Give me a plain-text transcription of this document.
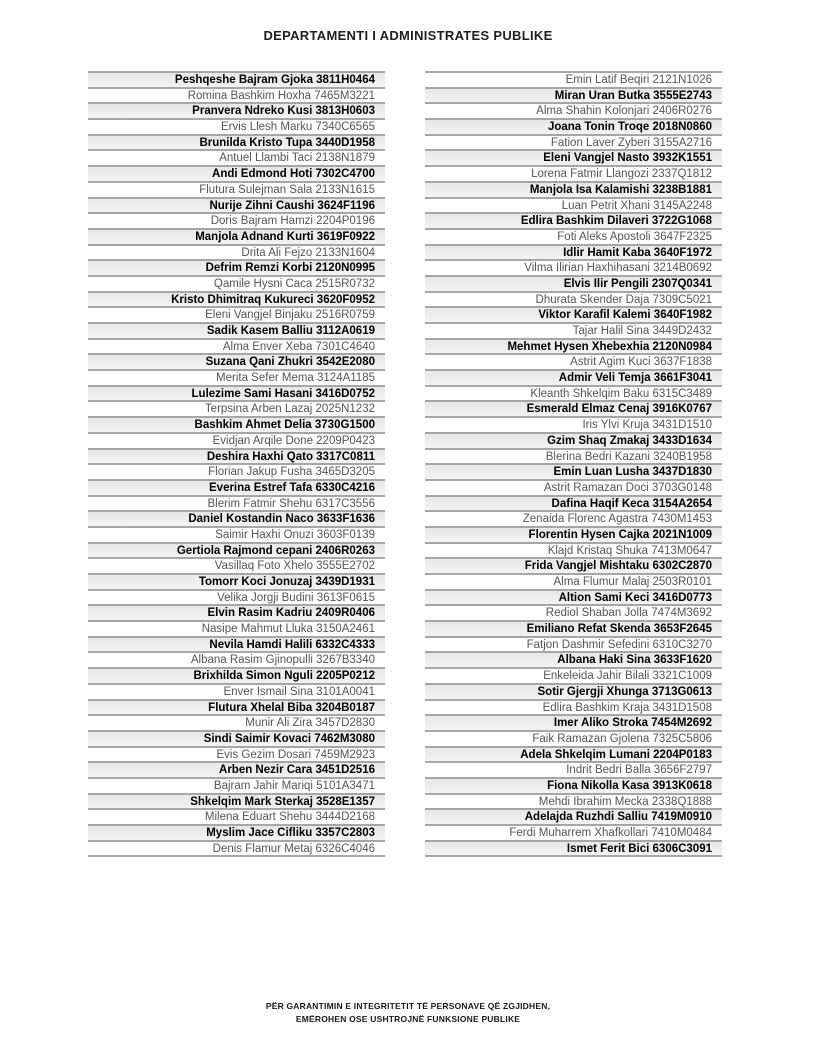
DEPARTAMENTI I ADMINISTRATES PUBLIKE
Peshqeshe Bajram Gjoka 3811H0464
Romina Bashkim Hoxha 7465M3221
Pranvera Ndreko Kusi 3813H0603
Ervis Llesh Marku 7340C6565
Brunilda Kristo Tupa 3440D1958
Antuel Llambi Taci 2138N1879
Andi Edmond Hoti 7302C4700
Flutura Sulejman Sala 2133N1615
Nurije Zihni Caushi 3624F1196
Doris Bajram Hamzi 2204P0196
Manjola Adnand Kurti 3619F0922
Drita Ali Fejzo 2133N1604
Defrim Remzi Korbi 2120N0995
Qamile Hysni Caca 2515R0732
Kristo Dhimitraq Kukureci 3620F0952
Eleni Vangjel Binjaku 2516R0759
Sadik Kasem Balliu 3112A0619
Alma Enver Xeba 7301C4640
Suzana Qani Zhukri 3542E2080
Merita Sefer Mema 3124A1185
Lulezime Sami Hasani 3416D0752
Terpsina Arben Lazaj 2025N1232
Bashkim Ahmet Delia 3730G1500
Evidjan Arqile Done 2209P0423
Deshira Haxhi Qato 3317C0811
Florian Jakup Fusha 3465D3205
Everina Estref Tafa 6330C4216
Blerim Fatmir Shehu 6317C3556
Daniel Kostandin Naco 3633F1636
Saimir Haxhi Onuzi 3603F0139
Gertiola Rajmond cepani 2406R0263
Vasillaq Foto Xhelo 3555E2702
Tomorr Koci Jonuzaj 3439D1931
Velika Jorgji Budini 3613F0615
Elvin Rasim Kadriu 2409R0406
Nasipe Mahmut Lluka 3150A2461
Nevila Hamdi Halili 6332C4333
Albana Rasim Gjinopulli 3267B3340
Brixhilda Simon Nguli 2205P0212
Enver Ismail Sina 3101A0041
Flutura Xhelal Biba 3204B0187
Munir Ali Zira 3457D2830
Sindi Saimir Kovaci 7462M3080
Evis Gezim Dosari 7459M2923
Arben Nezir Cara 3451D2516
Bajram Jahir Mariqi 5101A3471
Shkelqim Mark Sterkaj 3528E1357
Milena Eduart Shehu 3444D2168
Myslim Jace Cifliku 3357C2803
Denis Flamur Metaj 6326C4046
Emin Latif Beqiri 2121N1026
Miran Uran Butka 3555E2743
Alma Shahin Kolonjari 2406R0276
Joana Tonin Troqe 2018N0860
Fation Laver Zyberi 3155A2716
Eleni Vangjel Nasto 3932K1551
Lorena Fatmir Llangozi 2337Q1812
Manjola Isa Kalamishi 3238B1881
Luan Petrit Xhani 3145A2248
Edlira Bashkim Dilaveri 3722G1068
Foti Aleks Apostoli 3647F2325
Idlir Hamit Kaba 3640F1972
Vilma Ilirian Haxhihasani 3214B0692
Elvis Ilir Pengili 2307Q0341
Dhurata Skender Daja 7309C5021
Viktor Karafil Kalemi 3640F1982
Tajar Halil Sina 3449D2432
Mehmet Hysen Xhebexhia 2120N0984
Astrit Agim Kuci 3637F1838
Admir Veli Temja 3661F3041
Kleanth Shkelqim Baku 6315C3489
Esmerald Elmaz Cenaj 3916K0767
Iris Ylvi Kruja 3431D1510
Gzim Shaq Zmakaj 3433D1634
Blerina Bedri Kazani 3240B1958
Emin Luan Lusha 3437D1830
Astrit Ramazan Doci 3703G0148
Dafina Haqif Keca 3154A2654
Zenaida Florenc Agastra 7430M1453
Florentin Hysen Cajka 2021N1009
Klajd Kristaq Shuka 7413M0647
Frida Vangjel Mishtaku 6302C2870
Alma Flumur Malaj 2503R0101
Altion Sami Keci 3416D0773
Rediol Shaban Jolla 7474M3692
Emiliano Refat Skenda 3653F2645
Fatjon Dashmir Sefedini 6310C3270
Albana Haki Sina 3633F1620
Enkeleida Jahir Bilali 3321C1009
Sotir Gjergji Xhunga 3713G0613
Edlira Bashkim Kraja 3431D1508
Imer Aliko Stroka 7454M2692
Faik Ramazan Gjolena 7325C5806
Adela Shkelqim Lumani 2204P0183
Indrit Bedri Balla 3656F2797
Fiona Nikolla Kasa 3913K0618
Mehdi Ibrahim Mecka 2338Q1888
Adelajda Ruzhdi Salliu 7419M0910
Ferdi Muharrem Xhafkollari 7410M0484
Ismet Ferit Bici 6306C3091
PËR GARANTIMIN E INTEGRITETIT TË PERSONAVE QË ZGJIDHEN,
EMËROHEN OSE USHTROJNË FUNKSIONE PUBLIKE
